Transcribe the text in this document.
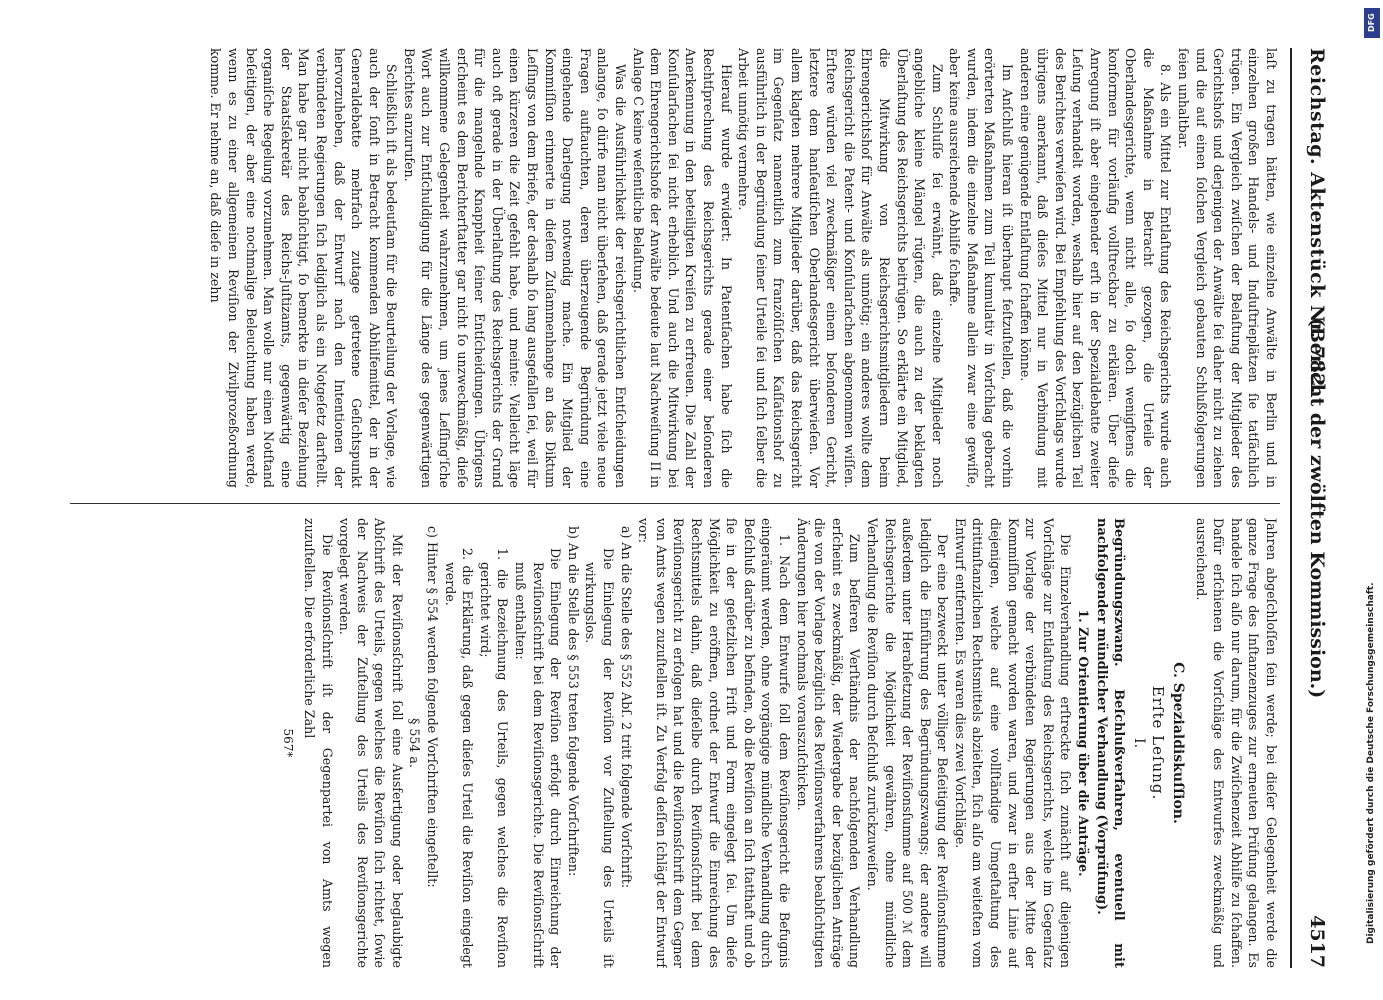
Reichstag. Aktenstück Nr. 782.
(Bericht der zwölften Kommission.)
4517

laſt zu tragen hätten, wie einzelne Anwälte in Berlin und in einzelnen großen Handels- und Induſtrieplätzen ſie tatſächlich trügen. Ein Vergleich zwiſchen der Belaſtung der Mitglieder des Gerichtshofs und derjenigen der Anwälte ſei daher nicht zu ziehen und die auf einen ſolchen Vergleich gebauten Schlußfolgerungen ſeien unhaltbar.

8. Als ein Mittel zur Entlaſtung des Reichsgerichts wurde auch die Maßnahme in Betracht gezogen, die Urteile der Oberlandesgerichte, wenn nicht alle, ſo doch wenigſtens die konformen für vorläufig vollſtreckbar zu erklären. Über dieſe Anregung iſt aber eingehender erſt in der Spezialdebatte zweiter Leſung verhandelt worden, weshalb hier auf den bezüglichen Teil des Berichtes verwieſen wird. Bei Empfehlung des Vorſchlags wurde übrigens anerkannt, daß dieſes Mittel nur in Verbindung mit anderen eine genügende Entlaſtung ſchaffen könne.

Im Anſchluß hieran iſt überhaupt feſtzuſtellen, daß die vorhin erörterten Maßnahmen zum Teil kumulativ in Vorſchlag gebracht wurden, indem die einzelne Maßnahme allein zwar eine gewiſſe, aber keine ausreichende Abhilfe ſchaffe.

Zum Schluſſe ſei erwähnt, daß einzelne Mitglieder noch angebliche kleine Mängel rügten, die auch zu der beklagten Überlaſtung des Reichsgerichts beitrügen. So erklärte ein Mitglied, die Mitwirkung von Reichsgerichtsmitgliedern beim Ehrengerichtshof für Anwälte als unnötig; ein anderes wollte dem Reichsgericht die Patent- und Konſularſachen abgenommen wiſſen. Erſtere würden viel zweckmäßiger einem beſonderen Gericht, letztere dem hanſeatiſchen Oberlandesgericht überwieſen. Vor allem klagten mehrere Mitglieder darüber, daß das Reichsgericht im Gegenſatz namentlich zum franzöſiſchen Kaſſationshof zu ausführlich in der Begründung ſeiner Urteile ſei und ſich ſelber die Arbeit unnötig vermehre.

Hierauf wurde erwidert: In Patentſachen habe ſich die Rechtſprechung des Reichsgerichts gerade einer beſonderen Anerkennung in den beteiligten Kreiſen zu erfreuen. Die Zahl der Konſularſachen ſei nicht erheblich. Und auch die Mitwirkung bei dem Ehrengerichtshofe der Anwälte bedeute laut Nachweiſung II in Anlage C keine weſentliche Belaſtung.

Was die Ausführlichkeit der reichsgerichtlichen Entſcheidungen anlange, ſo dürfe man nicht überſehen, daß gerade jetzt viele neue Fragen auftauchten, deren überzeugende Begründung eine eingehende Darlegung notwendig mache. Ein Mitglied der Kommiſſion erinnerte in dieſem Zuſammenhange an das Diktum Leſſings von dem Briefe, der deshalb ſo lang ausgefallen ſei, weil für einen kürzeren die Zeit gefehlt habe, und meinte: Vielleicht läge auch oft gerade in der Überlaſtung des Reichsgerichts der Grund für die mangelnde Knappheit ſeiner Entſcheidungen. Übrigens erſcheint es dem Berichterſtatter gar nicht ſo unzweckmäßig, dieſe willkommene Gelegenheit wahrzunehmen, um jenes Leſſing'ſche Wort auch zur Entſchuldigung für die Länge des gegenwärtigen Berichtes anzurufen.

Schließlich iſt als bedeutſam für die Beurteilung der Vorlage, wie auch der ſonſt in Betracht kommenden Abhilfemittel, der in der Generaldebatte mehrfach zutage getretene Geſichtspunkt hervorzuheben, daß der Entwurf nach den Intentionen der verbündeten Regierungen ſich lediglich als ein Notgeſetz darſtellt. Man habe gar nicht beabſichtigt, ſo bemerkte in dieſer Beziehung der Staatsſekretär des Reichs-Juſtizamts, gegenwärtig eine organiſche Regelung vorzunehmen. Man wolle nur einen Notſtand beſeitigen, der aber eine nochmalige Beleuchtung haben werde, wenn es zu einer allgemeinen Reviſion der Zivilprozeßordnung komme. Er nehme an, daß dieſe in zehn

Jahren abgeſchloſſen ſein werde; bei dieſer Gelegenheit werde die ganze Frage des Inſtanzenzuges zur erneuten Prüfung gelangen. Es handele ſich alſo nur darum, für die Zwiſchenzeit Abhilfe zu ſchaffen. Dafür erſchienen die Vorſchläge des Entwurfes zweckmäßig und ausreichend.

C. Spezialdiskuſſion.

Erſte Leſung.

I.

Begründungszwang. Beſchlußverfahren, eventuell mit nachfolgender mündlicher Verhandlung (Vorprüfung).

1. Zur Orientierung über die Anträge.

Die Einzelverhandlung erſtreckte ſich zunächſt auf diejenigen Vorſchläge zur Entlaſtung des Reichsgerichts, welche im Gegenſatz zur Vorlage der verbündeten Regierungen aus der Mitte der Kommiſſion gemacht worden waren, und zwar in erſter Linie auf diejenigen, welche auf eine vollſtändige Umgeſtaltung des drittinſtanzlichen Rechtsmittels abzielten, ſich alſo am weiteſten vom Entwurf entfernten. Es waren dies zwei Vorſchläge.

Der eine bezweckt unter völliger Beſeitigung der Reviſionsſumme lediglich die Einführung des Begründungszwangs; der andere will außerdem unter Herabſetzung der Reviſionsſumme auf 500 ℳ dem Reichsgerichte die Möglichkeit gewähren, ohne mündliche Verhandlung die Reviſion durch Beſchluß zurückzuweiſen.

Zum beſſeren Verſtändnis der nachfolgenden Verhandlung erſcheint es zweckmäßig, der Wiedergabe der bezüglichen Anträge die von der Vorlage bezüglich des Reviſionsverfahrens beabſichtigten Änderungen hier nochmals vorauszuſchicken.

1. Nach dem Entwurfe ſoll dem Reviſionsgericht die Befugnis eingeräumt werden, ohne vorgängige mündliche Verhandlung durch Beſchluß darüber zu befinden, ob die Reviſion an ſich ſtatthaft und ob ſie in der geſetzlichen Friſt und Form eingelegt ſei. Um dieſe Möglichkeit zu eröffnen, ordnet der Entwurf die Einreichung des Rechtsmittels dahin, daß dieſelbe durch Reviſionsſchrift bei dem Reviſionsgericht zu erfolgen hat und die Reviſionsſchrift dem Gegner von Amts wegen zuzuſtellen iſt. Zu Verfolg deſſen ſchlägt der Entwurf vor:

a) An die Stelle des § 552 Abſ. 2 tritt folgende Vorſchrift:

Die Einlegung der Reviſion vor Zuſtellung des Urteils iſt wirkungslos.

b) An die Stelle des § 553 treten folgende Vorſchriften:

Die Einlegung der Reviſion erfolgt durch Einreichung der Reviſionsſchrift bei dem Reviſionsgerichte. Die Reviſionsſchrift muß enthalten:

1. die Bezeichnung des Urteils, gegen welches die Reviſion gerichtet wird;

2. die Erklärung, daß gegen dieſes Urteil die Reviſion eingelegt werde.

c) Hinter § 554 werden folgende Vorſchriften eingeſtellt:

§ 554 a.

Mit der Reviſionsſchrift ſoll eine Ausfertigung oder beglaubigte Abſchrift des Urteils, gegen welches die Reviſion ſich richtet, ſowie der Nachweis der Zuſtellung des Urteils des Reviſionsgerichte vorgelegt werden.

Die Reviſionsſchrift iſt der Gegenpartei von Amts wegen zuzuſtellen. Die erforderliche Zahl

567*

DFG
Digitalisierung gefördert durch die Deutsche Forschungsgemeinschaft.
